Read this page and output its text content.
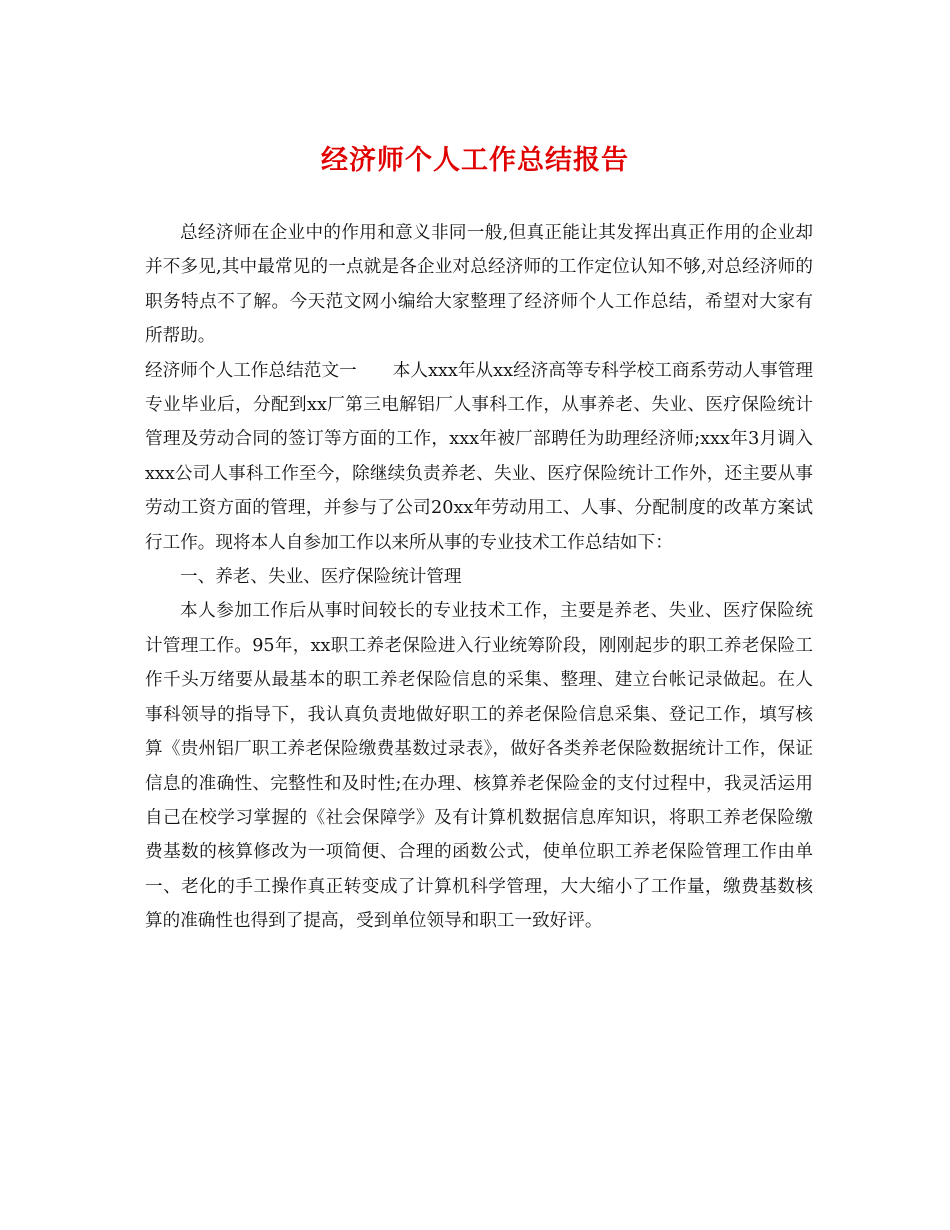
经济师个人工作总结报告

总经济师在企业中的作用和意义非同一般,但真正能让其发挥出真正作用的企业却并不多见,其中最常见的一点就是各企业对总经济师的工作定位认知不够,对总经济师的职务特点不了解。今天范文网小编给大家整理了经济师个人工作总结，希望对大家有所帮助。

经济师个人工作总结范文一 本人xxx年从xx经济高等专科学校工商系劳动人事管理专业毕业后，分配到xx厂第三电解铝厂人事科工作，从事养老、失业、医疗保险统计管理及劳动合同的签订等方面的工作，xxx年被厂部聘任为助理经济师;xxx年3月调入xxx公司人事科工作至今，除继续负责养老、失业、医疗保险统计工作外，还主要从事劳动工资方面的管理，并参与了公司20xx年劳动用工、人事、分配制度的改革方案试行工作。现将本人自参加工作以来所从事的专业技术工作总结如下：

一、养老、失业、医疗保险统计管理

本人参加工作后从事时间较长的专业技术工作，主要是养老、失业、医疗保险统计管理工作。95年，xx职工养老保险进入行业统筹阶段，刚刚起步的职工养老保险工作千头万绪要从最基本的职工养老保险信息的采集、整理、建立台帐记录做起。在人事科领导的指导下，我认真负责地做好职工的养老保险信息采集、登记工作，填写核算《贵州铝厂职工养老保险缴费基数过录表》，做好各类养老保险数据统计工作，保证信息的准确性、完整性和及时性;在办理、核算养老保险金的支付过程中，我灵活运用自己在校学习掌握的《社会保障学》及有计算机数据信息库知识，将职工养老保险缴费基数的核算修改为一项简便、合理的函数公式，使单位职工养老保险管理工作由单一、老化的手工操作真正转变成了计算机科学管理，大大缩小了工作量，缴费基数核算的准确性也得到了提高，受到单位领导和职工一致好评。
